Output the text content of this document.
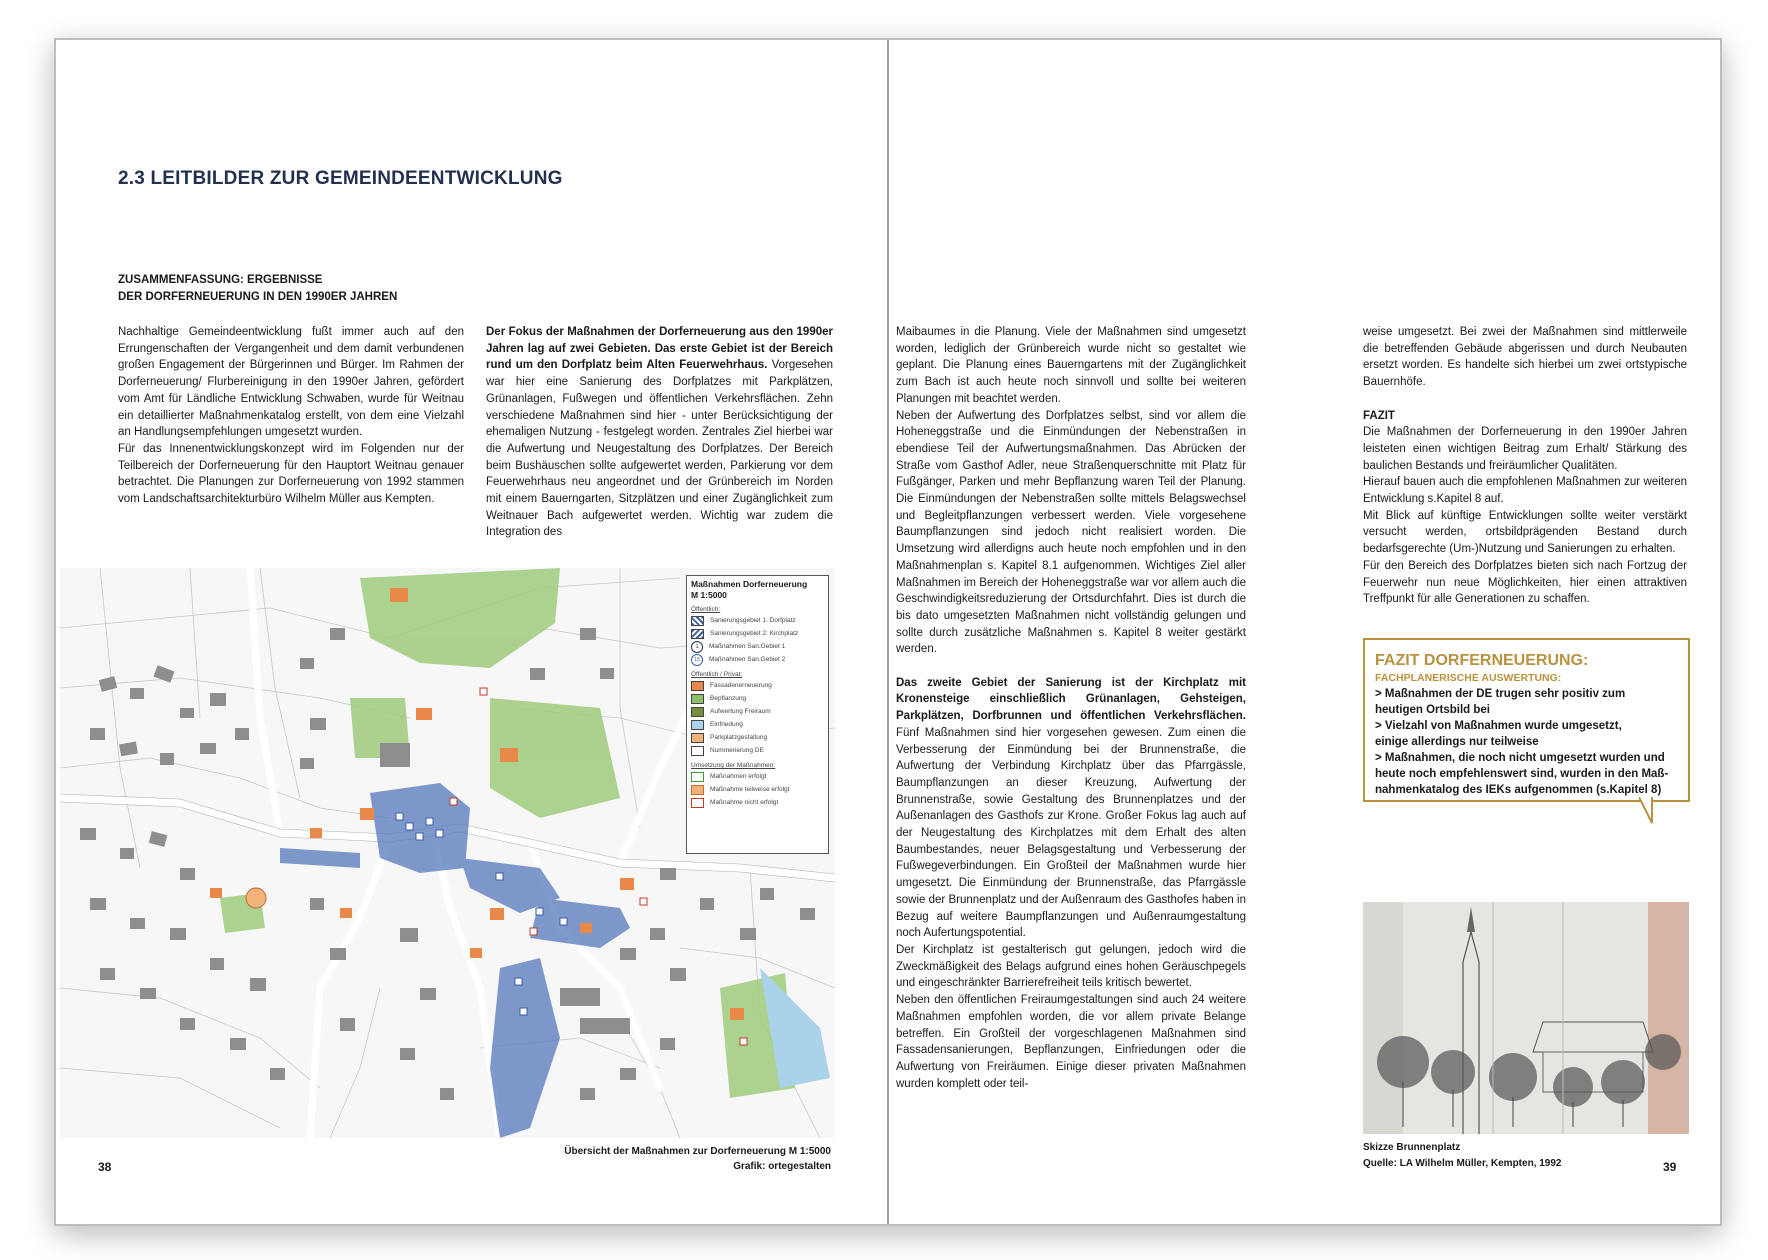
2.3 LEITBILDER ZUR GEMEINDEENTWICKLUNG
ZUSAMMENFASSUNG: ERGEBNISSE
DER DORFERNEUERUNG IN DEN 1990ER JAHREN

Nachhaltige Gemeindeentwicklung fußt immer auch auf den Errungenschaften der Vergangenheit und dem damit verbundenen großen Engagement der Bürgerinnen und Bürger. Im Rahmen der Dorferneuerung/ Flurbereinigung in den 1990er Jahren, gefördert vom Amt für Ländliche Entwicklung Schwaben, wurde für Weitnau ein detaillierter Maßnahmenkatalog erstellt, von dem eine Vielzahl an Handlungsempfehlungen umgesetzt wurden.

Für das Innenentwicklungskonzept wird im Folgenden nur der Teilbereich der Dorferneuerung für den Hauptort Weitnau genauer betrachtet. Die Planungen zur Dorferneuerung von 1992 stammen vom Landschaftsarchitekturbüro Wilhelm Müller aus Kempten.

Der Fokus der Maßnahmen der Dorferneuerung aus den 1990er Jahren lag auf zwei Gebieten. Das erste Gebiet ist der Bereich rund um den Dorfplatz beim Alten Feuerwehrhaus. Vorgesehen war hier eine Sanierung des Dorfplatzes mit Parkplätzen, Grünanlagen, Fußwegen und öffentlichen Verkehrsflächen. Zehn verschiedene Maßnahmen sind hier - unter Berücksichtigung der ehemaligen Nutzung - festgelegt worden. Zentrales Ziel hierbei war die Aufwertung und Neugestaltung des Dorfplatzes. Der Bereich beim Bushäuschen sollte aufgewertet werden, Parkierung vor dem Feuerwehrhaus neu angeordnet und der Grünbereich im Norden mit einem Bauerngarten, Sitzplätzen und einer Zugänglichkeit zum Weitnauer Bach aufgewertet werden. Wichtig war zudem die Integration des

Maßnahmen Dorferneuerung
M 1:5000
Öffentlich:
Sanierungsgebiet 1: Dorfplatz
Sanierungsgebiet 2: Kirchplatz
1	Maßnahmen San.Gebiet 1
15	Maßnahmen San.Gebiet 2
Öffentlich / Privat:
Fassadenerneuerung
Bepflanzung
Aufwertung Freiraum
Einfriedung
Parkplatzgestaltung
Nummerierung DE
Umsetzung der Maßnahmen:
Maßnahmen erfolgt
Maßnahme teilweise erfolgt
Maßnahme nicht erfolgt
Übersicht der Maßnahmen zur Dorferneuerung M 1:5000
Grafik: ortegestalten
38

Maibaumes in die Planung. Viele der Maßnahmen sind umgesetzt worden, lediglich der Grünbereich wurde nicht so gestaltet wie geplant. Die Planung eines Bauerngartens mit der Zugänglichkeit zum Bach ist auch heute noch sinnvoll und sollte bei weiteren Planungen mit beachtet werden.

Neben der Aufwertung des Dorfplatzes selbst, sind vor allem die Hoheneggstraße und die Einmündungen der Nebenstraßen in ebendiese Teil der Aufwertungsmaßnahmen. Das Abrücken der Straße vom Gasthof Adler, neue Straßenquerschnitte mit Platz für Fußgänger, Parken und mehr Bepflanzung waren Teil der Planung. Die Einmündungen der Nebenstraßen sollte mittels Belagswechsel und Begleitpflanzungen verbessert werden. Viele vorgesehene Baumpflanzungen sind jedoch nicht realisiert worden. Die Umsetzung wird allerdigns auch heute noch empfohlen und in den Maßnahmenplan s. Kapitel 8.1 aufgenommen. Wichtiges Ziel aller Maßnahmen im Bereich der Hoheneggstraße war vor allem auch die Geschwindigkeitsreduzierung der Ortsdurchfahrt. Dies ist durch die bis dato umgesetzten Maßnahmen nicht vollständig gelungen und sollte durch zusätzliche Maßnahmen s. Kapitel 8 weiter gestärkt werden.

Das zweite Gebiet der Sanierung ist der Kirchplatz mit Kronensteige einschließlich Grünanlagen, Gehsteigen, Parkplätzen, Dorfbrunnen und öffentlichen Verkehrsflächen. Fünf Maßnahmen sind hier vorgesehen gewesen. Zum einen die Verbesserung der Einmündung bei der Brunnenstraße, die Aufwertung der Verbindung Kirchplatz über das Pfarrgässle, Baumpflanzungen an dieser Kreuzung, Aufwertung der Brunnenstraße, sowie Gestaltung des Brunnenplatzes und der Außenanlagen des Gasthofs zur Krone. Großer Fokus lag auch auf der Neugestaltung des Kirchplatzes mit dem Erhalt des alten Baumbestandes, neuer Belagsgestaltung und Verbesserung der Fußwegeverbindungen. Ein Großteil der Maßnahmen wurde hier umgesetzt. Die Einmündung der Brunnenstraße, das Pfarrgässle sowie der Brunnenplatz und der Außenraum des Gasthofes haben in Bezug auf weitere Baumpflanzungen und Außenraumgestaltung noch Aufertungspotential.

Der Kirchplatz ist gestalterisch gut gelungen, jedoch wird die Zweckmäßigkeit des Belags aufgrund eines hohen Geräuschpegels und eingeschränkter Barrierefreiheit teils kritisch bewertet.

Neben den öffentlichen Freiraumgestaltungen sind auch 24 weitere Maßnahmen empfohlen worden, die vor allem private Belange betreffen. Ein Großteil der vorgeschlagenen Maßnahmen sind Fassadensanierungen, Bepflanzungen, Einfriedungen oder die Aufwertung von Freiräumen. Einige dieser privaten Maßnahmen wurden komplett oder teil-

weise umgesetzt. Bei zwei der Maßnahmen sind mittlerweile die betreffenden Gebäude abgerissen und durch Neubauten ersetzt worden. Es handelte sich hierbei um zwei ortstypische Bauernhöfe.

FAZIT

Die Maßnahmen der Dorferneuerung in den 1990er Jahren leisteten einen wichtigen Beitrag zum Erhalt/ Stärkung des baulichen Bestands und freiräumlicher Qualitäten.

Hierauf bauen auch die empfohlenen Maßnahmen zur weiteren Entwicklung s.Kapitel 8 auf.

Mit Blick auf künftige Entwicklungen sollte weiter verstärkt versucht werden, ortsbildprägenden Bestand durch bedarfsgerechte (Um-)Nutzung und Sanierungen zu erhalten.

Für den Bereich des Dorfplatzes bieten sich nach Fortzug der Feuerwehr nun neue Möglichkeiten, hier einen attraktiven Treffpunkt für alle Generationen zu schaffen.

FAZIT DORFERNEUERUNG:
FACHPLANERISCHE AUSWERTUNG:
> Maßnahmen der DE trugen sehr positiv zum
heutigen Ortsbild bei
> Vielzahl von Maßnahmen wurde umgesetzt,
einige allerdings nur teilweise
> Maßnahmen, die noch nicht umgesetzt wurden und
heute noch empfehlenswert sind, wurden in den Maß-
nahmenkatalog des IEKs aufgenommen (s.Kapitel 8)
Skizze Brunnenplatz
Quelle: LA Wilhelm Müller, Kempten, 1992	39
